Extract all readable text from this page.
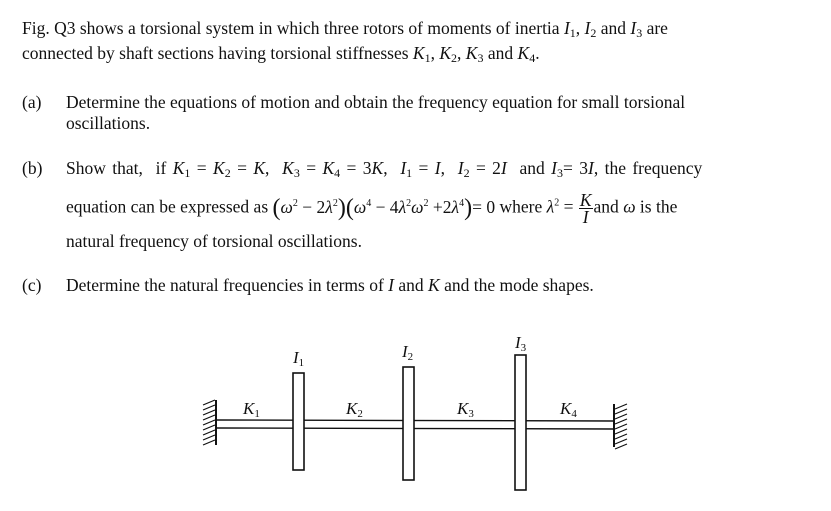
Fig. Q3 shows a torsional system in which three rotors of moments of inertia $I_1$, $I_2$ and $I_3$ are
connected by shaft sections having torsional stiffnesses $K_1$, $K_2$, $K_3$ and $K_4$.
(a) Determine the equations of motion and obtain the frequency equation for small torsional
oscillations.
(b) Show that, if $K_1 = K_2 = K$,  $K_3 = K_4 = 3K$,  $I_1 = I$,  $I_2 = 2I$  and $I_3= 3I$, the frequency
equation can be expressed as $(\omega^2 - 2\lambda^2)(\omega^4 - 4\lambda^2\omega^2 +2\lambda^4)= 0$ where $\lambda^2 = \frac{K}{I}$ and ω is the
natural frequency of torsional oscillations.
(c) Determine the natural frequencies in terms of I and K and the mode shapes.
I1
I2
I3
K1	K2	K3	K4
